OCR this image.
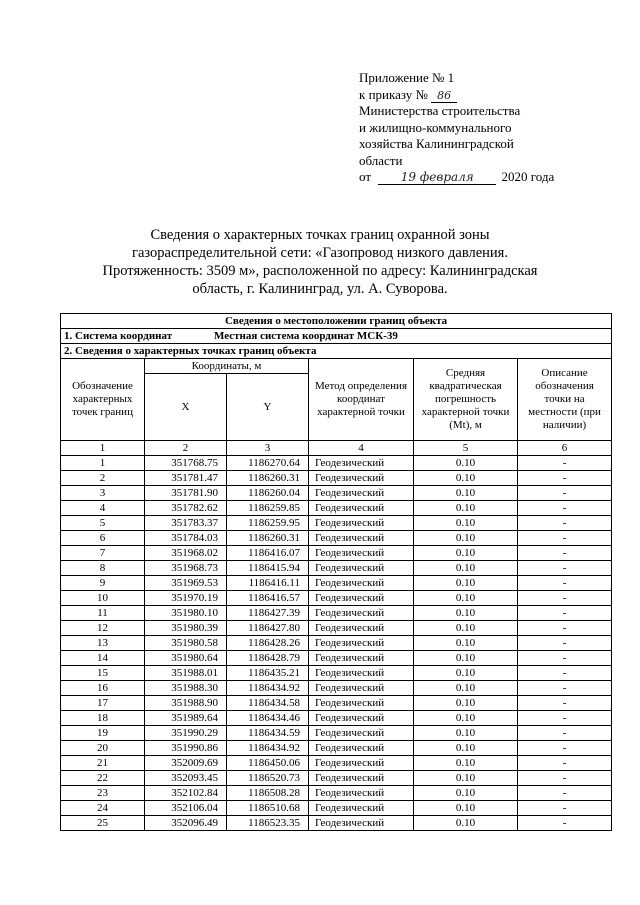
Приложение № 1
к приказу № 86
Министерства строительства
и жилищно-коммунального
хозяйства Калининградской
области
от 19 февраля 2020 года
Сведения о характерных точках границ охранной зоны
газораспределительной сети: «Газопровод низкого давления.
Протяженность: 3509 м», расположенной по адресу: Калининградская
область, г. Калининград, ул. А. Суворова.
Сведения о местоположении границ объекта					
1. Система координат Местная система координат МСК-39					
2. Сведения о характерных точках границ объекта					
Обозначение характерных точек границ	Координаты, м		Метод определения координат характерной точки	Средняя квадратическая погрешность характерной точки (Mt), м	Описание обозначения точки на местности (при наличии)
	X	Y			
1	2	3	4	5	6
1	351768.75	1186270.64	Геодезический	0.10	-
2	351781.47	1186260.31	Геодезический	0.10	-
3	351781.90	1186260.04	Геодезический	0.10	-
4	351782.62	1186259.85	Геодезический	0.10	-
5	351783.37	1186259.95	Геодезический	0.10	-
6	351784.03	1186260.31	Геодезический	0.10	-
7	351968.02	1186416.07	Геодезический	0.10	-
8	351968.73	1186415.94	Геодезический	0.10	-
9	351969.53	1186416.11	Геодезический	0.10	-
10	351970.19	1186416.57	Геодезический	0.10	-
11	351980.10	1186427.39	Геодезический	0.10	-
12	351980.39	1186427.80	Геодезический	0.10	-
13	351980.58	1186428.26	Геодезический	0.10	-
14	351980.64	1186428.79	Геодезический	0.10	-
15	351988.01	1186435.21	Геодезический	0.10	-
16	351988.30	1186434.92	Геодезический	0.10	-
17	351988.90	1186434.58	Геодезический	0.10	-
18	351989.64	1186434.46	Геодезический	0.10	-
19	351990.29	1186434.59	Геодезический	0.10	-
20	351990.86	1186434.92	Геодезический	0.10	-
21	352009.69	1186450.06	Геодезический	0.10	-
22	352093.45	1186520.73	Геодезический	0.10	-
23	352102.84	1186508.28	Геодезический	0.10	-
24	352106.04	1186510.68	Геодезический	0.10	-
25	352096.49	1186523.35	Геодезический	0.10	-
